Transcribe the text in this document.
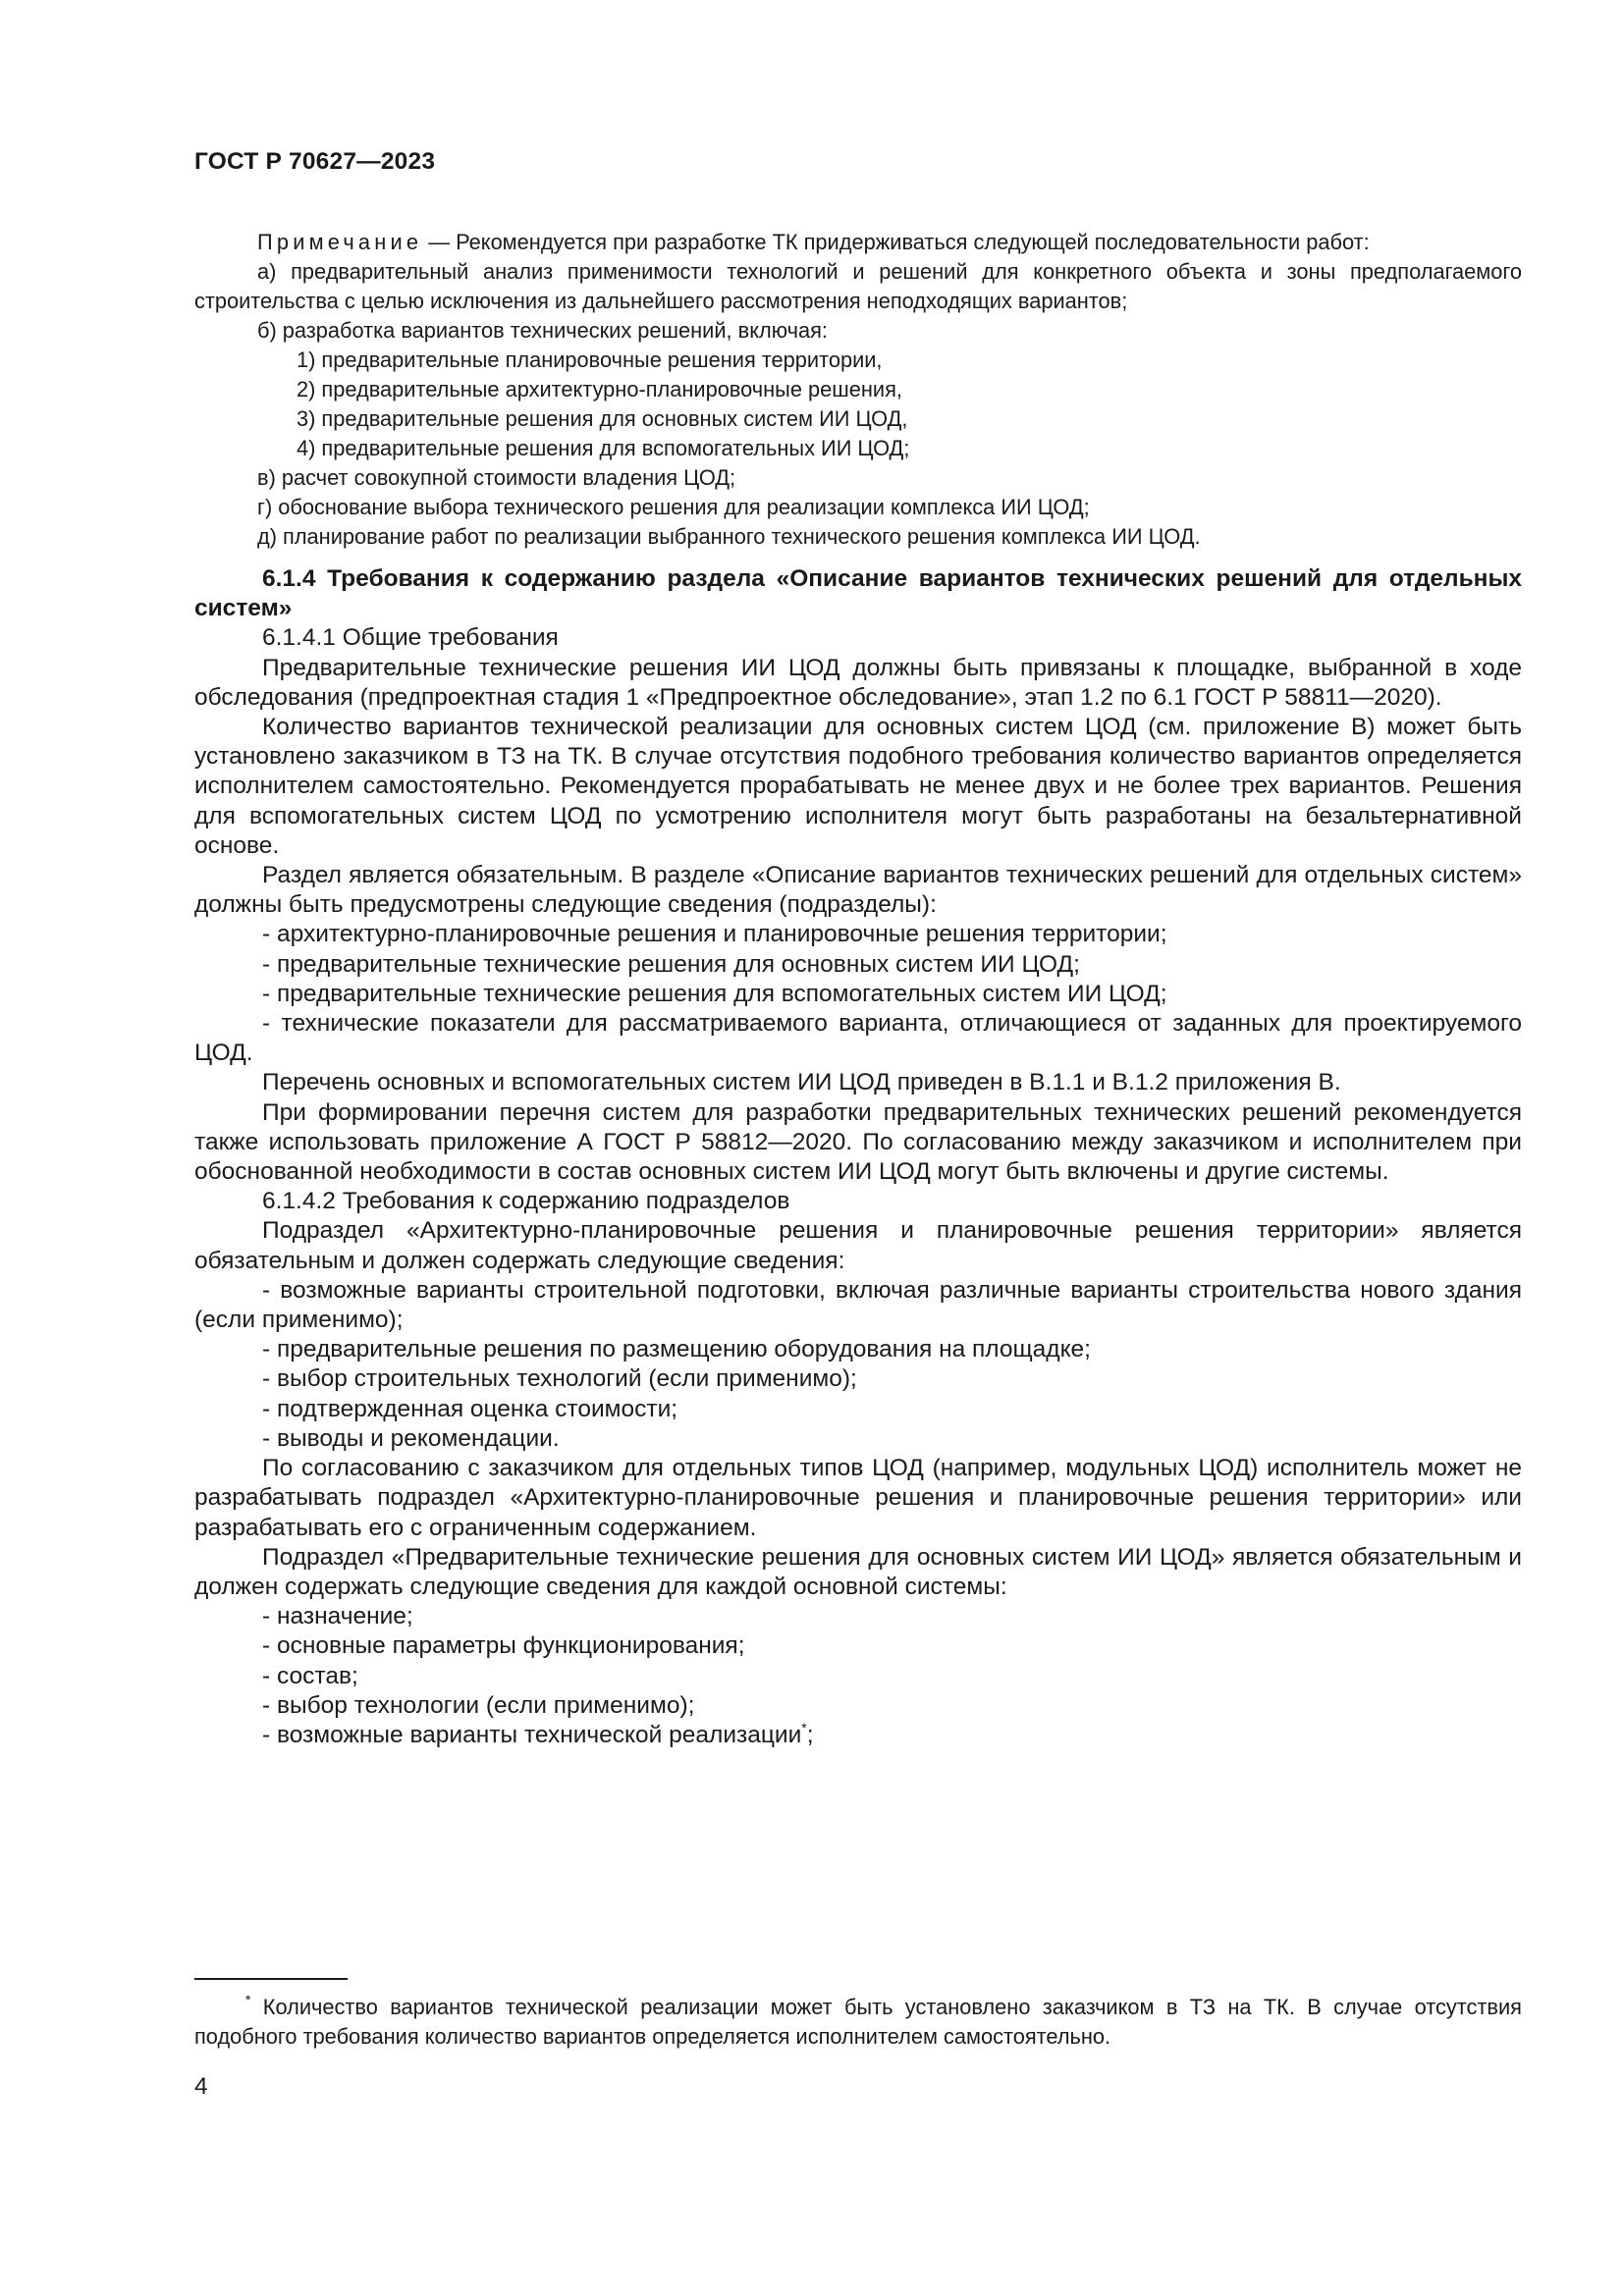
ГОСТ Р 70627—2023

Примечание — Рекомендуется при разработке ТК придерживаться следующей последовательности работ:

а) предварительный анализ применимости технологий и решений для конкретного объекта и зоны предполагаемого строительства с целью исключения из дальнейшего рассмотрения неподходящих вариантов;

б) разработка вариантов технических решений, включая:

1) предварительные планировочные решения территории,

2) предварительные архитектурно-планировочные решения,

3) предварительные решения для основных систем ИИ ЦОД,

4) предварительные решения для вспомогательных ИИ ЦОД;

в) расчет совокупной стоимости владения ЦОД;

г) обоснование выбора технического решения для реализации комплекса ИИ ЦОД;

д) планирование работ по реализации выбранного технического решения комплекса ИИ ЦОД.

6.1.4 Требования к содержанию раздела «Описание вариантов технических решений для отдельных систем»

6.1.4.1 Общие требования

Предварительные технические решения ИИ ЦОД должны быть привязаны к площадке, выбранной в ходе обследования (предпроектная стадия 1 «Предпроектное обследование», этап 1.2 по 6.1 ГОСТ Р 58811—2020).

Количество вариантов технической реализации для основных систем ЦОД (см. приложение В) может быть установлено заказчиком в ТЗ на ТК. В случае отсутствия подобного требования количество вариантов определяется исполнителем самостоятельно. Рекомендуется прорабатывать не менее двух и не более трех вариантов. Решения для вспомогательных систем ЦОД по усмотрению исполнителя могут быть разработаны на безальтернативной основе.

Раздел является обязательным. В разделе «Описание вариантов технических решений для отдельных систем» должны быть предусмотрены следующие сведения (подразделы):

- архитектурно-планировочные решения и планировочные решения территории;

- предварительные технические решения для основных систем ИИ ЦОД;

- предварительные технические решения для вспомогательных систем ИИ ЦОД;

- технические показатели для рассматриваемого варианта, отличающиеся от заданных для проектируемого ЦОД.

Перечень основных и вспомогательных систем ИИ ЦОД приведен в В.1.1 и В.1.2 приложения В.

При формировании перечня систем для разработки предварительных технических решений рекомендуется также использовать приложение А ГОСТ Р 58812—2020. По согласованию между заказчиком и исполнителем при обоснованной необходимости в состав основных систем ИИ ЦОД могут быть включены и другие системы.

6.1.4.2 Требования к содержанию подразделов

Подраздел «Архитектурно-планировочные решения и планировочные решения территории» является обязательным и должен содержать следующие сведения:

- возможные варианты строительной подготовки, включая различные варианты строительства нового здания (если применимо);

- предварительные решения по размещению оборудования на площадке;

- выбор строительных технологий (если применимо);

- подтвержденная оценка стоимости;

- выводы и рекомендации.

По согласованию с заказчиком для отдельных типов ЦОД (например, модульных ЦОД) исполнитель может не разрабатывать подраздел «Архитектурно-планировочные решения и планировочные решения территории» или разрабатывать его с ограниченным содержанием.

Подраздел «Предварительные технические решения для основных систем ИИ ЦОД» является обязательным и должен содержать следующие сведения для каждой основной системы:

- назначение;

- основные параметры функционирования;

- состав;

- выбор технологии (если применимо);

- возможные варианты технической реализации*;

* Количество вариантов технической реализации может быть установлено заказчиком в ТЗ на ТК. В случае отсутствия подобного требования количество вариантов определяется исполнителем самостоятельно.

4
